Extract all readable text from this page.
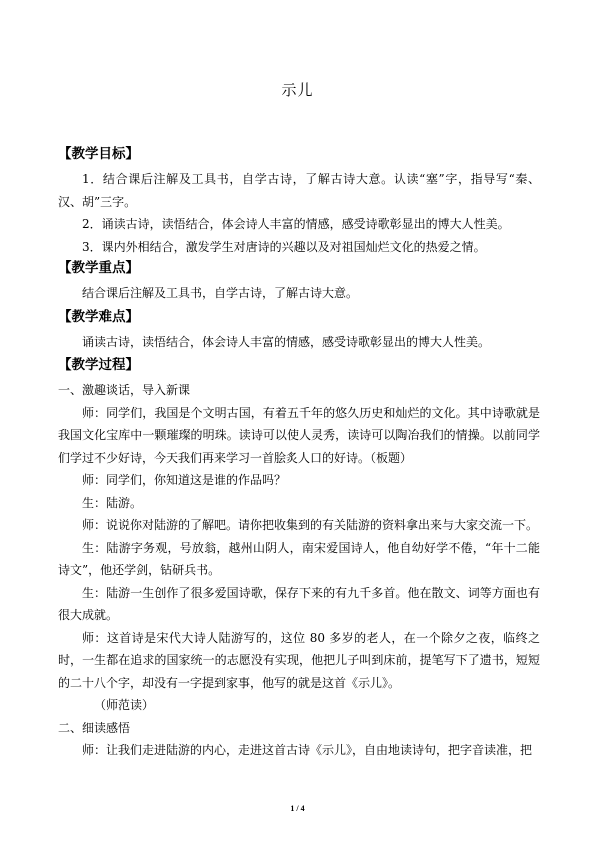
示儿
【教学目标】

1．结合课后注解及工具书，自学古诗，了解古诗大意。认读“塞”字，指导写“秦、汉、胡”三字。

2．诵读古诗，读悟结合，体会诗人丰富的情感，感受诗歌彰显出的博大人性美。

3．课内外相结合，激发学生对唐诗的兴趣以及对祖国灿烂文化的热爱之情。

【教学重点】

结合课后注解及工具书，自学古诗，了解古诗大意。

【教学难点】

诵读古诗，读悟结合，体会诗人丰富的情感，感受诗歌彰显出的博大人性美。

【教学过程】

一、激趣谈话，导入新课

师：同学们，我国是个文明古国，有着五千年的悠久历史和灿烂的文化。其中诗歌就是我国文化宝库中一颗璀璨的明珠。读诗可以使人灵秀，读诗可以陶冶我们的情操。以前同学们学过不少好诗，今天我们再来学习一首脍炙人口的好诗。（板题）

师：同学们，你知道这是谁的作品吗？

生：陆游。

师：说说你对陆游的了解吧。请你把收集到的有关陆游的资料拿出来与大家交流一下。

生：陆游字务观，号放翁，越州山阴人，南宋爱国诗人，他自幼好学不倦，“年十二能诗文”，他还学剑，钻研兵书。

生：陆游一生创作了很多爱国诗歌，保存下来的有九千多首。他在散文、词等方面也有很大成就。

师：这首诗是宋代大诗人陆游写的，这位 80 多岁的老人，在一个除夕之夜，临终之时，一生都在追求的国家统一的志愿没有实现，他把儿子叫到床前，提笔写下了遗书，短短的二十八个字，却没有一字提到家事，他写的就是这首《示儿》。

（师范读）

二、细读感悟

师：让我们走进陆游的内心，走进这首古诗《示儿》，自由地读诗句，把字音读准，把

1 / 4
